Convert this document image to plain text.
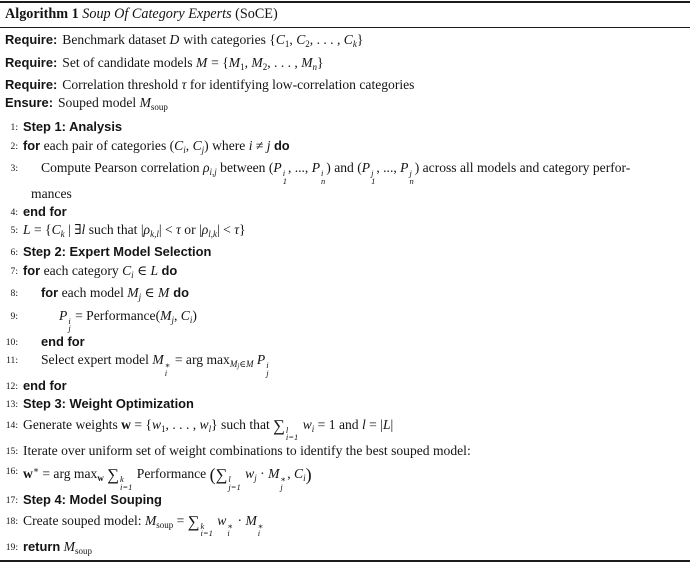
Algorithm 1 Soup Of Category Experts (SoCE)
Require: Benchmark dataset D with categories {$C_1$, $C_2$, . . . , $C_k$}
Require: Set of candidate models $M = \{M_1$, $M_2$, . . . , $M_n$}
Require: Correlation threshold τ for identifying low-correlation categories
Ensure: Souped model $M_{soup}$
1: Step 1: Analysis
2: for each pair of categories ($C_i$, $C_j$) where i ≠ j do
3:	Compute Pearson correlation $\rho_{i,j}$ between (P i
1
, ..., P i
n
) and (P j
1
, ..., P j
n
) across all models and category perfor-
mances
4: end for
5: $L = \{C_k$ | ∃l such that $|\rho_{k,l}| < \tau$ or $|\rho_{l,k}| < \tau$}
6: Step 2: Expert Model Selection
7: for each category $C_i$ ∈ L do
8:	for each model $M_j$ ∈ M do
9:	P i
j
= $Performance(M_j$, $C_i$)
10:	end for
11:	Select expert model M ∗
i
= arg $\max_{Mj\in M} P$ i
j
12: end for
13: Step 3: Weight Optimization
14: Generate weights $w = \{w_1$, . . . , $w_l$} such that ∑ l
i=1
$w_i = 1$ and l = |L|
15: Iterate over uniform set of weight combinations to identify the best souped model:
16: w∗ = arg $\max_w$ ∑ k
i=1
Performance (∑ l
j=1
$w_j \cdot M$ ∗
j
, $C_i$)
17: Step 4: Model Souping
18: Create souped model: $M_{soup}$ = ∑ k
i=1
w ∗
i
· M ∗
i
19: return $M_{soup}$
